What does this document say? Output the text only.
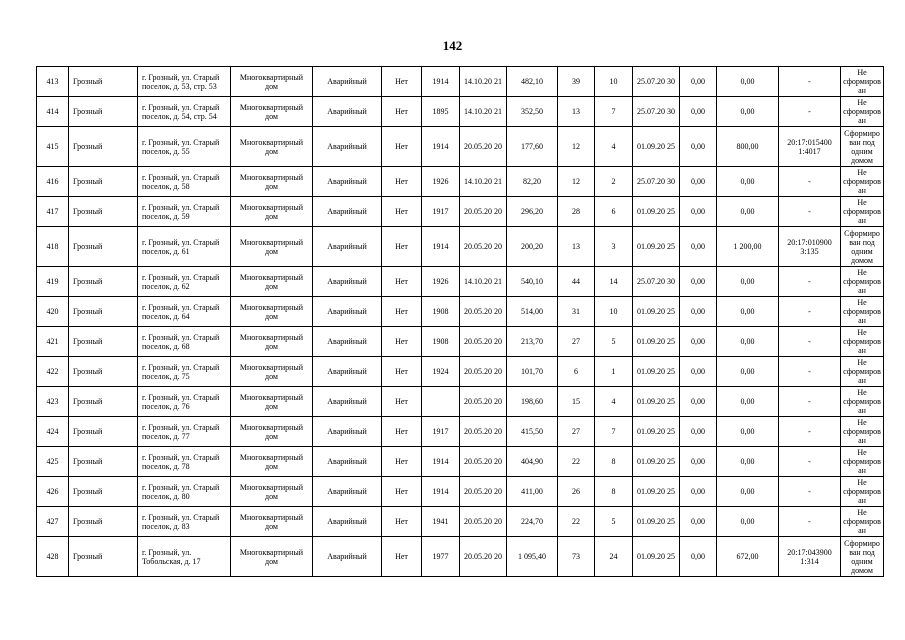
142
413	Грозный	г. Грозный, ул. Старый поселок, д. 53, стр. 53	Многоквартирный дом	Аварийный	Нет	1914	14.10.20 21	482,10	39	10	25.07.20 30	0,00	0,00	-	Не сформиров ан
414	Грозный	г. Грозный, ул. Старый поселок, д. 54, стр. 54	Многоквартирный дом	Аварийный	Нет	1895	14.10.20 21	352,50	13	7	25.07.20 30	0,00	0,00	-	Не сформиров ан
415	Грозный	г. Грозный, ул. Старый поселок, д. 55	Многоквартирный дом	Аварийный	Нет	1914	20.05.20 20	177,60	12	4	01.09.20 25	0,00	800,00	20:17:015400 1:4017	Сформиро ван под одним домом
416	Грозный	г. Грозный, ул. Старый поселок, д. 58	Многоквартирный дом	Аварийный	Нет	1926	14.10.20 21	82,20	12	2	25.07.20 30	0,00	0,00	-	Не сформиров ан
417	Грозный	г. Грозный, ул. Старый поселок, д. 59	Многоквартирный дом	Аварийный	Нет	1917	20.05.20 20	296,20	28	6	01.09.20 25	0,00	0,00	-	Не сформиров ан
418	Грозный	г. Грозный, ул. Старый поселок, д. 61	Многоквартирный дом	Аварийный	Нет	1914	20.05.20 20	200,20	13	3	01.09.20 25	0,00	1 200,00	20:17:010900 3:135	Сформиро ван под одним домом
419	Грозный	г. Грозный, ул. Старый поселок, д. 62	Многоквартирный дом	Аварийный	Нет	1926	14.10.20 21	540,10	44	14	25.07.20 30	0,00	0,00	-	Не сформиров ан
420	Грозный	г. Грозный, ул. Старый поселок, д. 64	Многоквартирный дом	Аварийный	Нет	1908	20.05.20 20	514,00	31	10	01.09.20 25	0,00	0,00	-	Не сформиров ан
421	Грозный	г. Грозный, ул. Старый поселок, д. 68	Многоквартирный дом	Аварийный	Нет	1908	20.05.20 20	213,70	27	5	01.09.20 25	0,00	0,00	-	Не сформиров ан
422	Грозный	г. Грозный, ул. Старый поселок, д. 75	Многоквартирный дом	Аварийный	Нет	1924	20.05.20 20	101,70	6	1	01.09.20 25	0,00	0,00	-	Не сформиров ан
423	Грозный	г. Грозный, ул. Старый поселок, д. 76	Многоквартирный дом	Аварийный	Нет		20.05.20 20	198,60	15	4	01.09.20 25	0,00	0,00	-	Не сформиров ан
424	Грозный	г. Грозный, ул. Старый поселок, д. 77	Многоквартирный дом	Аварийный	Нет	1917	20.05.20 20	415,50	27	7	01.09.20 25	0,00	0,00	-	Не сформиров ан
425	Грозный	г. Грозный, ул. Старый поселок, д. 78	Многоквартирный дом	Аварийный	Нет	1914	20.05.20 20	404,90	22	8	01.09.20 25	0,00	0,00	-	Не сформиров ан
426	Грозный	г. Грозный, ул. Старый поселок, д. 80	Многоквартирный дом	Аварийный	Нет	1914	20.05.20 20	411,00	26	8	01.09.20 25	0,00	0,00	-	Не сформиров ан
427	Грозный	г. Грозный, ул. Старый поселок, д. 83	Многоквартирный дом	Аварийный	Нет	1941	20.05.20 20	224,70	22	5	01.09.20 25	0,00	0,00	-	Не сформиров ан
428	Грозный	г. Грозный, ул. Тобольская, д. 17	Многоквартирный дом	Аварийный	Нет	1977	20.05.20 20	1 095,40	73	24	01.09.20 25	0,00	672,00	20:17:043900 1:314	Сформиро ван под одним домом
